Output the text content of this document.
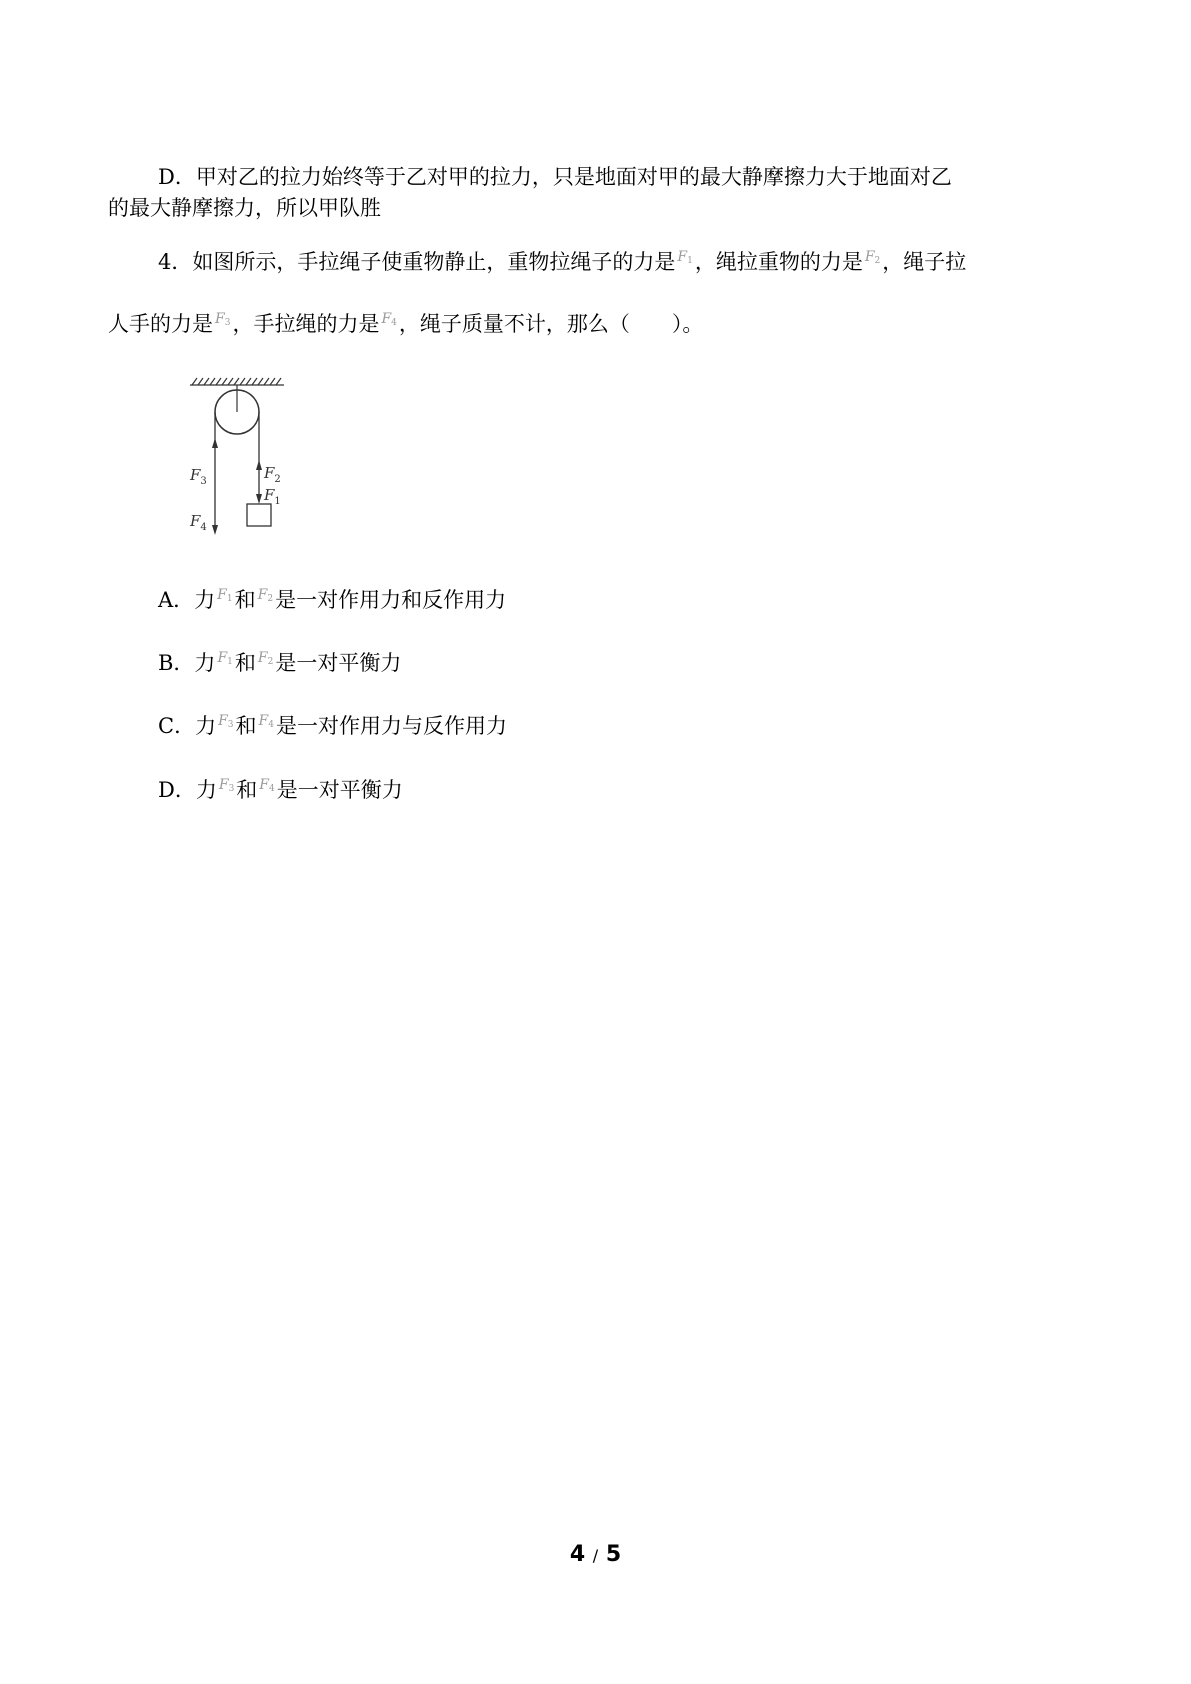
D．甲对乙的拉力始终等于乙对甲的拉力，只是地面对甲的最大静摩擦力大于地面对乙
的最大静摩擦力，所以甲队胜
4．如图所示，手拉绳子使重物静止，重物拉绳子的力是 $F_1$，绳拉重物的力是 $F_2$，绳子拉
人手的力是 $F_3$，手拉绳的力是 $F_4$，绳子质量不计，那么（　　）。
$F_2$
$F_1$
$F_3$
$F_4$
A．力 $F_1$和 $F_2$是一对作用力和反作用力
B．力 $F_1$和 $F_2$是一对平衡力
C．力 $F_3$和 $F_4$是一对作用力与反作用力
D．力 $F_3$和 $F_4$是一对平衡力
4 / 5
